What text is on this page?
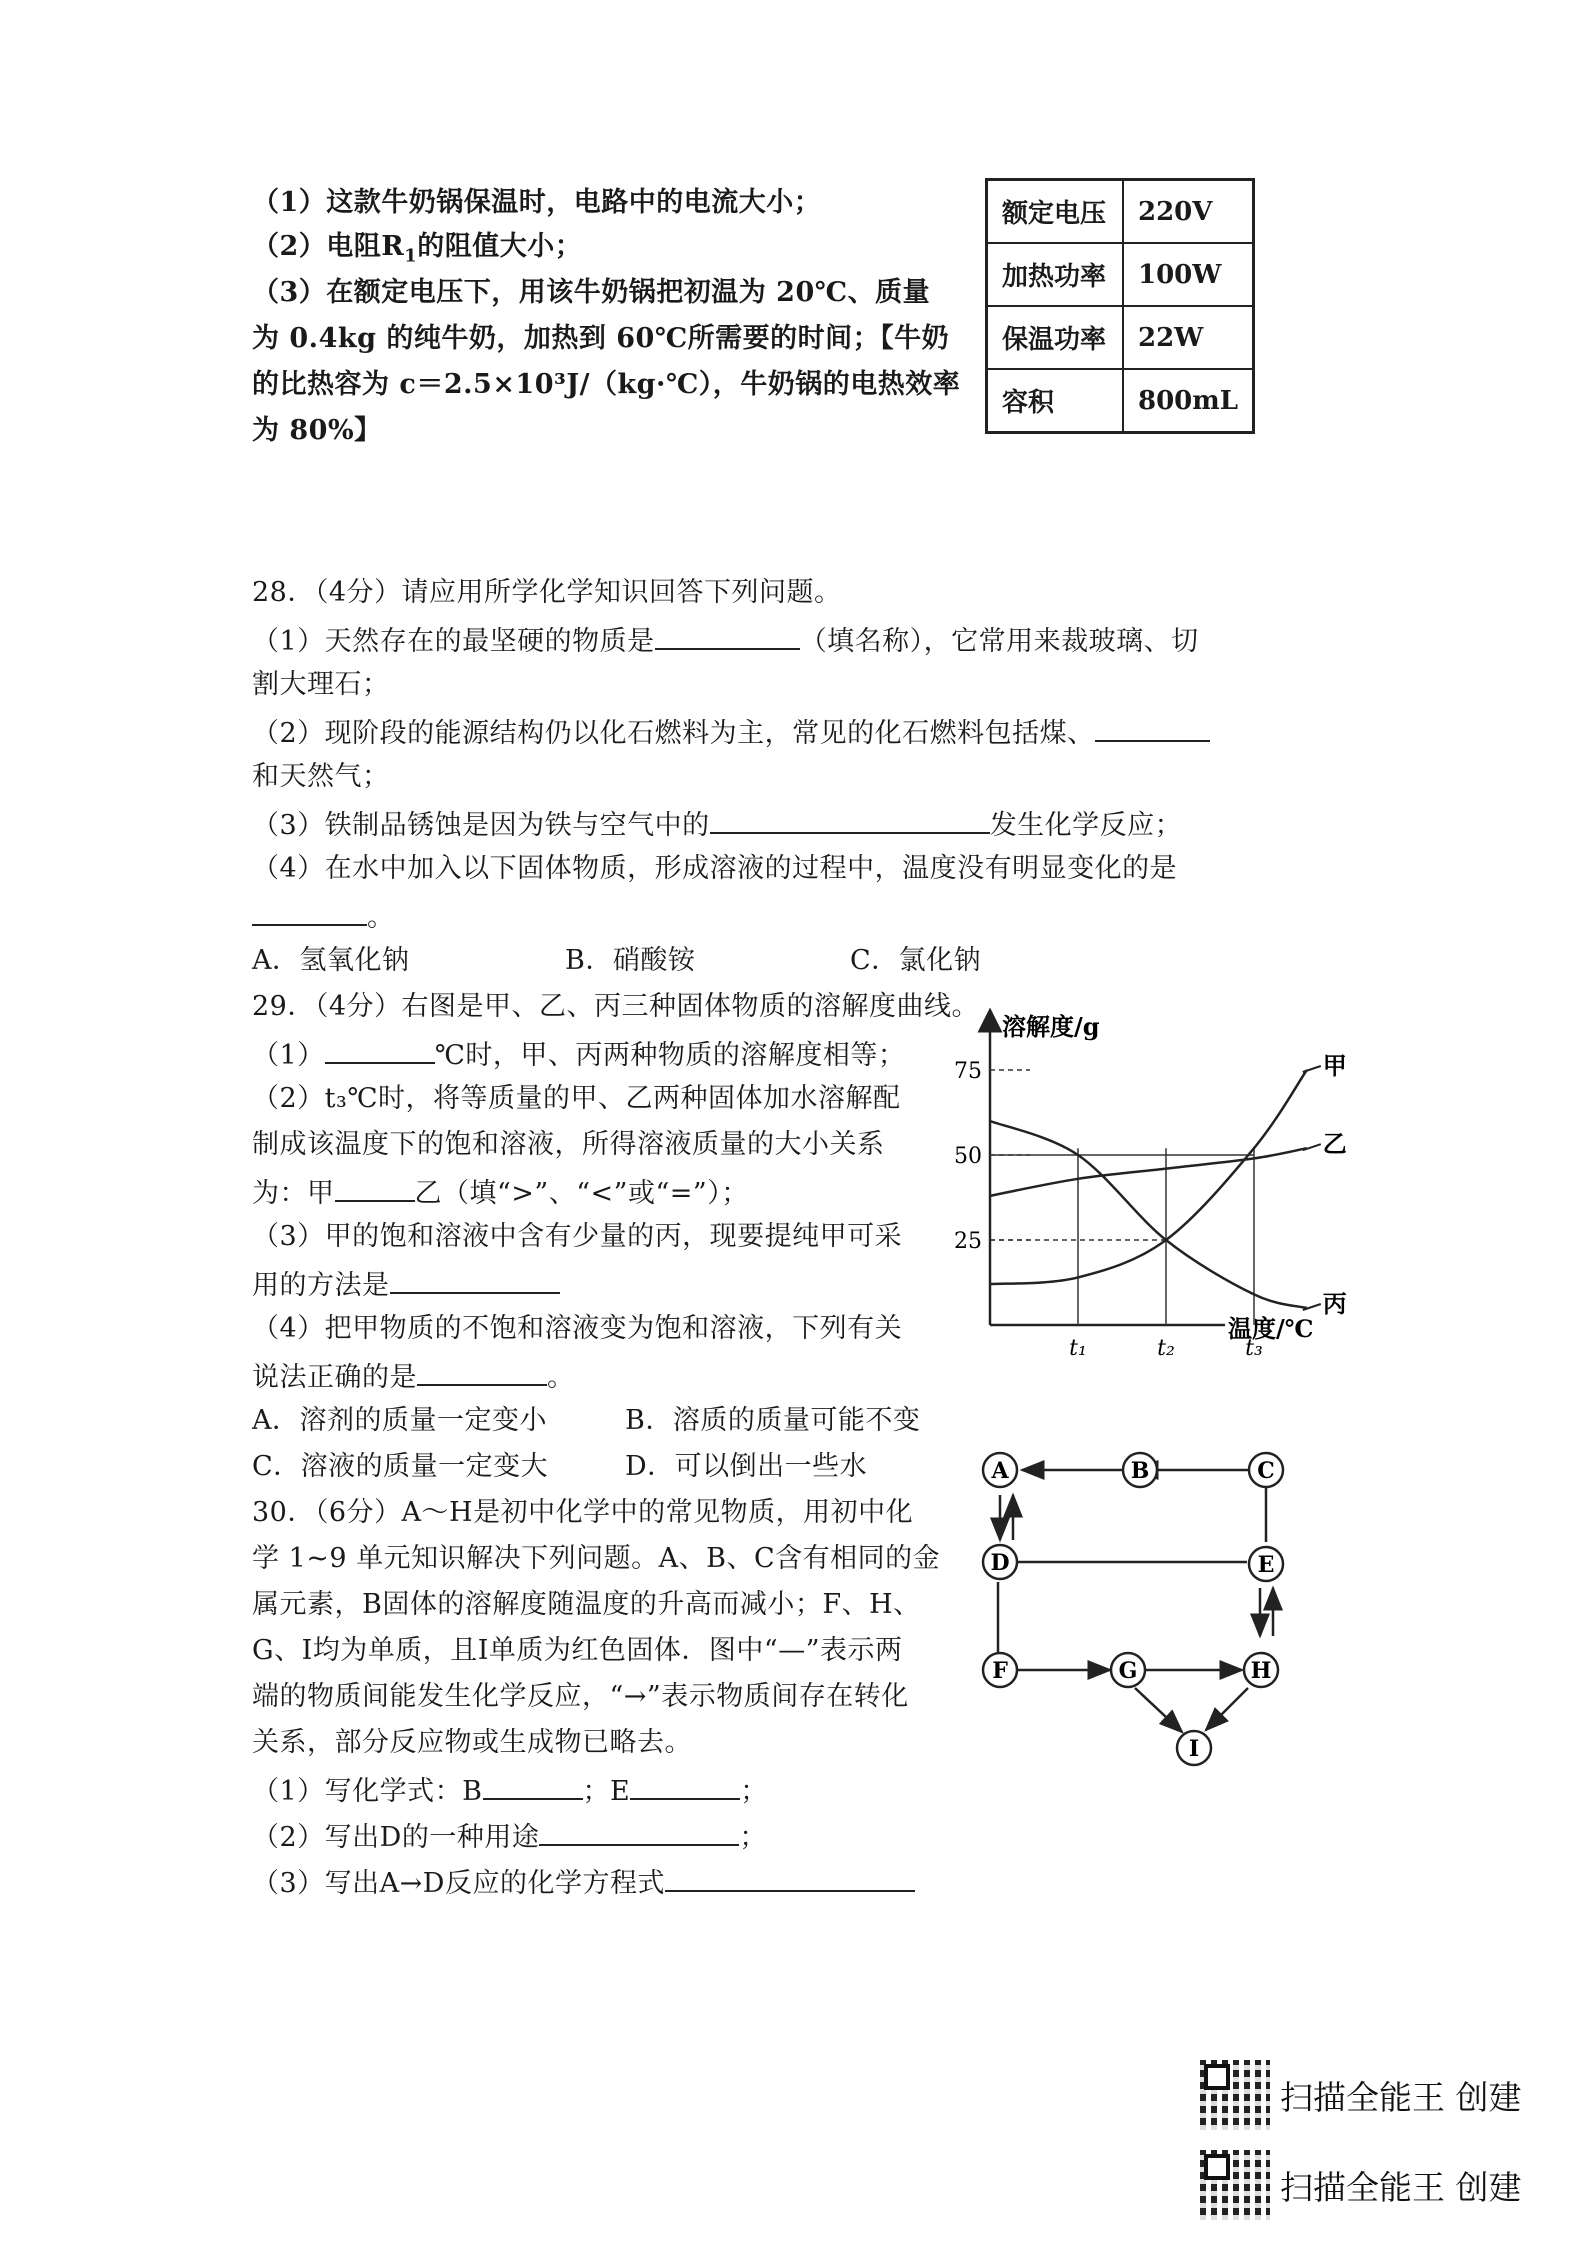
（1）这款牛奶锅保温时，电路中的电流大小；
（2）电阻$R_1$的阻值大小；
（3）在额定电压下，用该牛奶锅把初温为 20℃、质量
为 0.4kg 的纯牛奶，加热到 60℃所需要的时间；【牛奶
的比热容为 c＝2.5×10³J/（kg·℃），牛奶锅的电热效率
为 80%】
额定电压	220V
加热功率	100W
保温功率	22W
容积	800mL
28．（4分）请应用所学化学知识回答下列问题。
（1）天然存在的最坚硬的物质是	（填名称），它常用来裁玻璃、切
割大理石；
（2）现阶段的能源结构仍以化石燃料为主，常见的化石燃料包括煤、
和天然气；
（3）铁制品锈蚀是因为铁与空气中的	发生化学反应；
（4）在水中加入以下固体物质，形成溶液的过程中，温度没有明显变化的是
。
A．氢氧化钠	B．硝酸铵	C．氯化钠
29．（4分）右图是甲、乙、丙三种固体物质的溶解度曲线。
（1）	℃时，甲、丙两种物质的溶解度相等；
（2）t₃℃时，将等质量的甲、乙两种固体加水溶解配
制成该温度下的饱和溶液，所得溶液质量的大小关系
为：甲	乙（填“>”、“<”或“=”）；
（3）甲的饱和溶液中含有少量的丙，现要提纯甲可采
用的方法是
（4）把甲物质的不饱和溶液变为饱和溶液，下列有关
说法正确的是	。
A．溶剂的质量一定变小	B．溶质的质量可能不变
C．溶液的质量一定变大	D．可以倒出一些水
溶解度/g
温度/℃
25
50
75
t₁	t₂	t₃
甲
乙
丙
30．（6分）A～H是初中化学中的常见物质，用初中化
学 1~9 单元知识解决下列问题。A、B、C含有相同的金
属元素，B固体的溶解度随温度的升高而减小；F、H、
G、I均为单质，且I单质为红色固体．图中“—”表示两
端的物质间能发生化学反应，“→”表示物质间存在转化
关系，部分反应物或生成物已略去。
（1）写化学式：B	；E	；
（2）写出D的一种用途	；
（3）写出A→D反应的化学方程式
A	B	C
D	E
F	G	H
I
扫描全能王 创建
扫描全能王 创建
